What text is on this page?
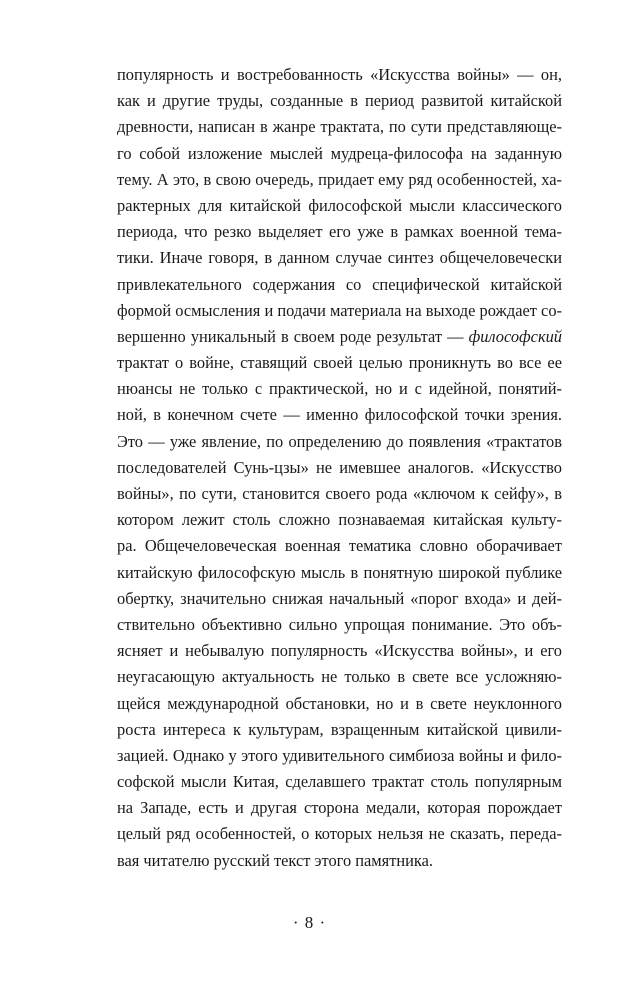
популярность и востребованность «Искусства войны» — он,
как и другие труды, созданные в период развитой китайской
древности, написан в жанре трактата, по сути представляюще-
го собой изложение мыслей мудреца-философа на заданную
тему. А это, в свою очередь, придает ему ряд особенностей, ха-
рактерных для китайской философской мысли классического
периода, что резко выделяет его уже в рамках военной тема-
тики. Иначе говоря, в данном случае синтез общечеловечески
привлекательного содержания со специфической китайской
формой осмысления и подачи материала на выходе рождает со-
вершенно уникальный в своем роде результат — философский
трактат о войне, ставящий своей целью проникнуть во все ее
нюансы не только с практической, но и с идейной, понятий-
ной, в конечном счете — именно философской точки зрения.
Это — уже явление, по определению до появления «трактатов
последователей Сунь-цзы» не имевшее аналогов. «Искусство
войны», по сути, становится своего рода «ключом к сейфу», в
котором лежит столь сложно познаваемая китайская культу-
ра. Общечеловеческая военная тематика словно оборачивает
китайскую философскую мысль в понятную широкой публике
обертку, значительно снижая начальный «порог входа» и дей-
ствительно объективно сильно упрощая понимание. Это объ-
ясняет и небывалую популярность «Искусства войны», и его
неугасающую актуальность не только в свете все усложняю-
щейся международной обстановки, но и в свете неуклонного
роста интереса к культурам, взращенным китайской цивили-
зацией. Однако у этого удивительного симбиоза войны и фило-
софской мысли Китая, сделавшего трактат столь популярным
на Западе, есть и другая сторона медали, которая порождает
целый ряд особенностей, о которых нельзя не сказать, переда-
вая читателю русский текст этого памятника.
· 8 ·
